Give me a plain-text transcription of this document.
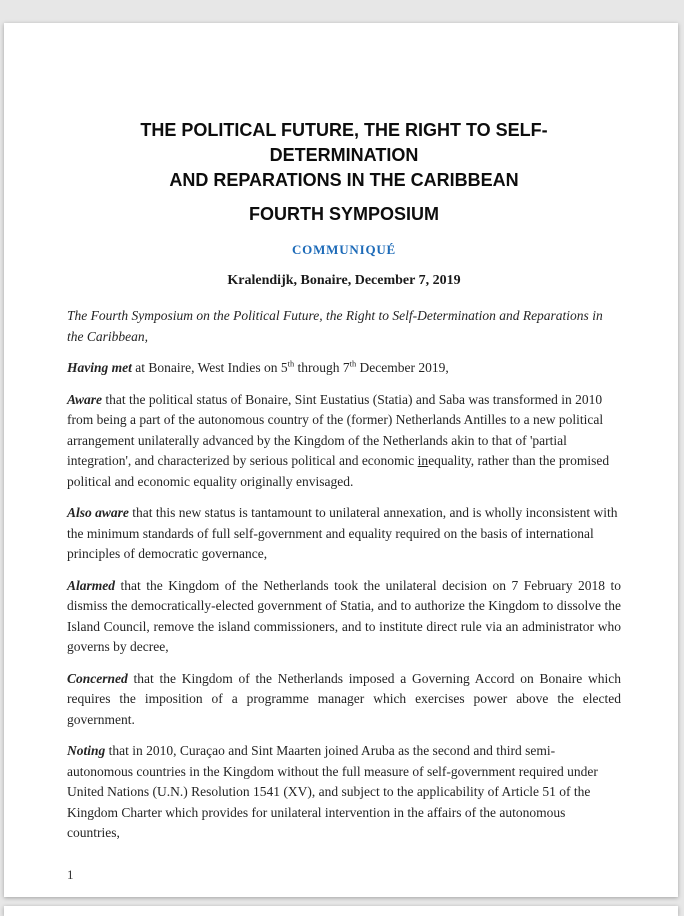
THE POLITICAL FUTURE, THE RIGHT TO SELF-DETERMINATION
AND REPARATIONS IN THE CARIBBEAN
FOURTH SYMPOSIUM
COMMUNIQUÉ
Kralendijk, Bonaire, December 7, 2019

The Fourth Symposium on the Political Future, the Right to Self-Determination and Reparations in the Caribbean,

Having met at Bonaire, West Indies on 5th through 7th December 2019,

Aware that the political status of Bonaire, Sint Eustatius (Statia) and Saba was transformed in 2010 from being a part of the autonomous country of the (former) Netherlands Antilles to a new political arrangement unilaterally advanced by the Kingdom of the Netherlands akin to that of 'partial integration', and characterized by serious political and economic inequality, rather than the promised political and economic equality originally envisaged.

Also aware that this new status is tantamount to unilateral annexation, and is wholly inconsistent with the minimum standards of full self-government and equality required on the basis of international principles of democratic governance,

Alarmed that the Kingdom of the Netherlands took the unilateral decision on 7 February 2018 to dismiss the democratically-elected government of Statia, and to authorize the Kingdom to dissolve the Island Council, remove the island commissioners, and to institute direct rule via an administrator who governs by decree,

Concerned that the Kingdom of the Netherlands imposed a Governing Accord on Bonaire which requires the imposition of a programme manager which exercises power above the elected government.

Noting that in 2010, Curaçao and Sint Maarten joined Aruba as the second and third semi-autonomous countries in the Kingdom without the full measure of self-government required under United Nations (U.N.) Resolution 1541 (XV), and subject to the applicability of Article 51 of the Kingdom Charter which provides for unilateral intervention in the affairs of the autonomous countries,

1
